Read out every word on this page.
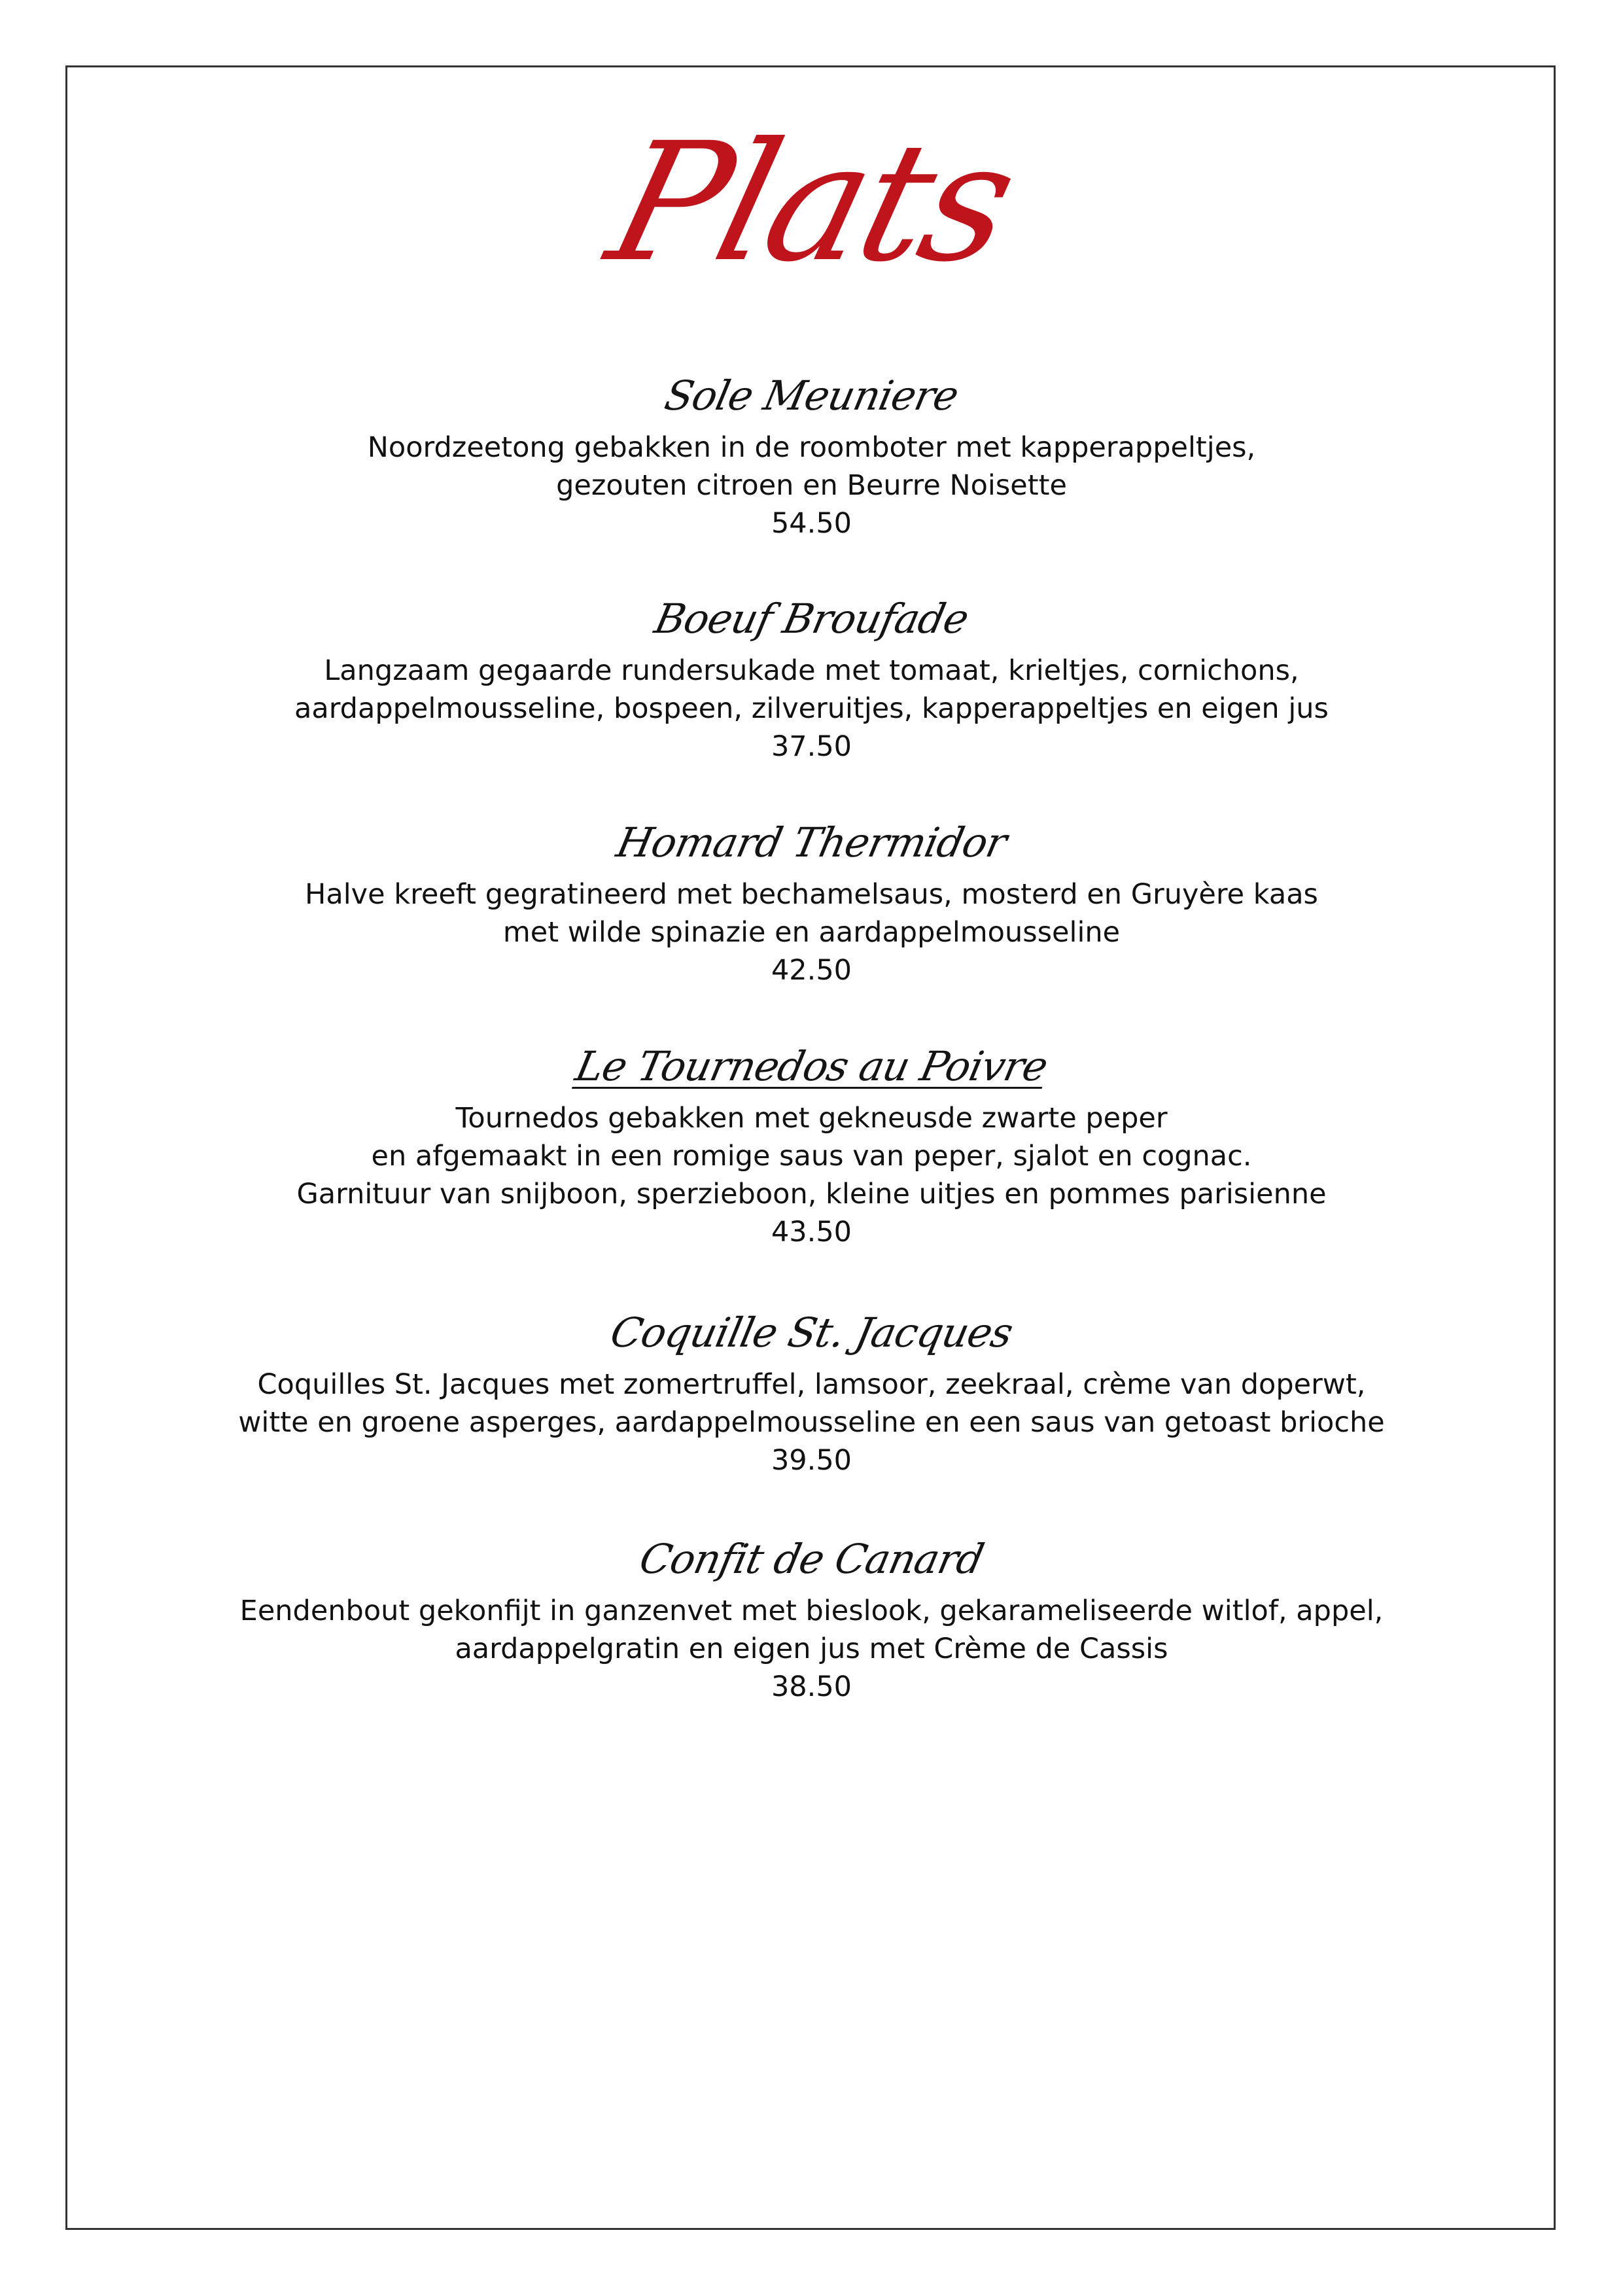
Plats
Sole Meuniere
Noordzeetong gebakken in de roomboter met kapperappeltjes,
gezouten citroen en Beurre Noisette
54.50
Boeuf Broufade
Langzaam gegaarde rundersukade met tomaat, krieltjes, cornichons,
aardappelmousseline, bospeen, zilveruitjes, kapperappeltjes en eigen jus
37.50
Homard Thermidor
Halve kreeft gegratineerd met bechamelsaus, mosterd en Gruyère kaas
met wilde spinazie en aardappelmousseline
42.50
Le Tournedos au Poivre
Tournedos gebakken met gekneusde zwarte peper
en afgemaakt in een romige saus van peper, sjalot en cognac.
Garnituur van snijboon, sperzieboon, kleine uitjes en pommes parisienne
43.50
Coquille St. Jacques
Coquilles St. Jacques met zomertruffel, lamsoor, zeekraal, crème van doperwt,
witte en groene asperges, aardappelmousseline en een saus van getoast brioche
39.50
Confit de Canard
Eendenbout gekonfijt in ganzenvet met bieslook, gekarameliseerde witlof, appel,
aardappelgratin en eigen jus met Crème de Cassis
38.50
